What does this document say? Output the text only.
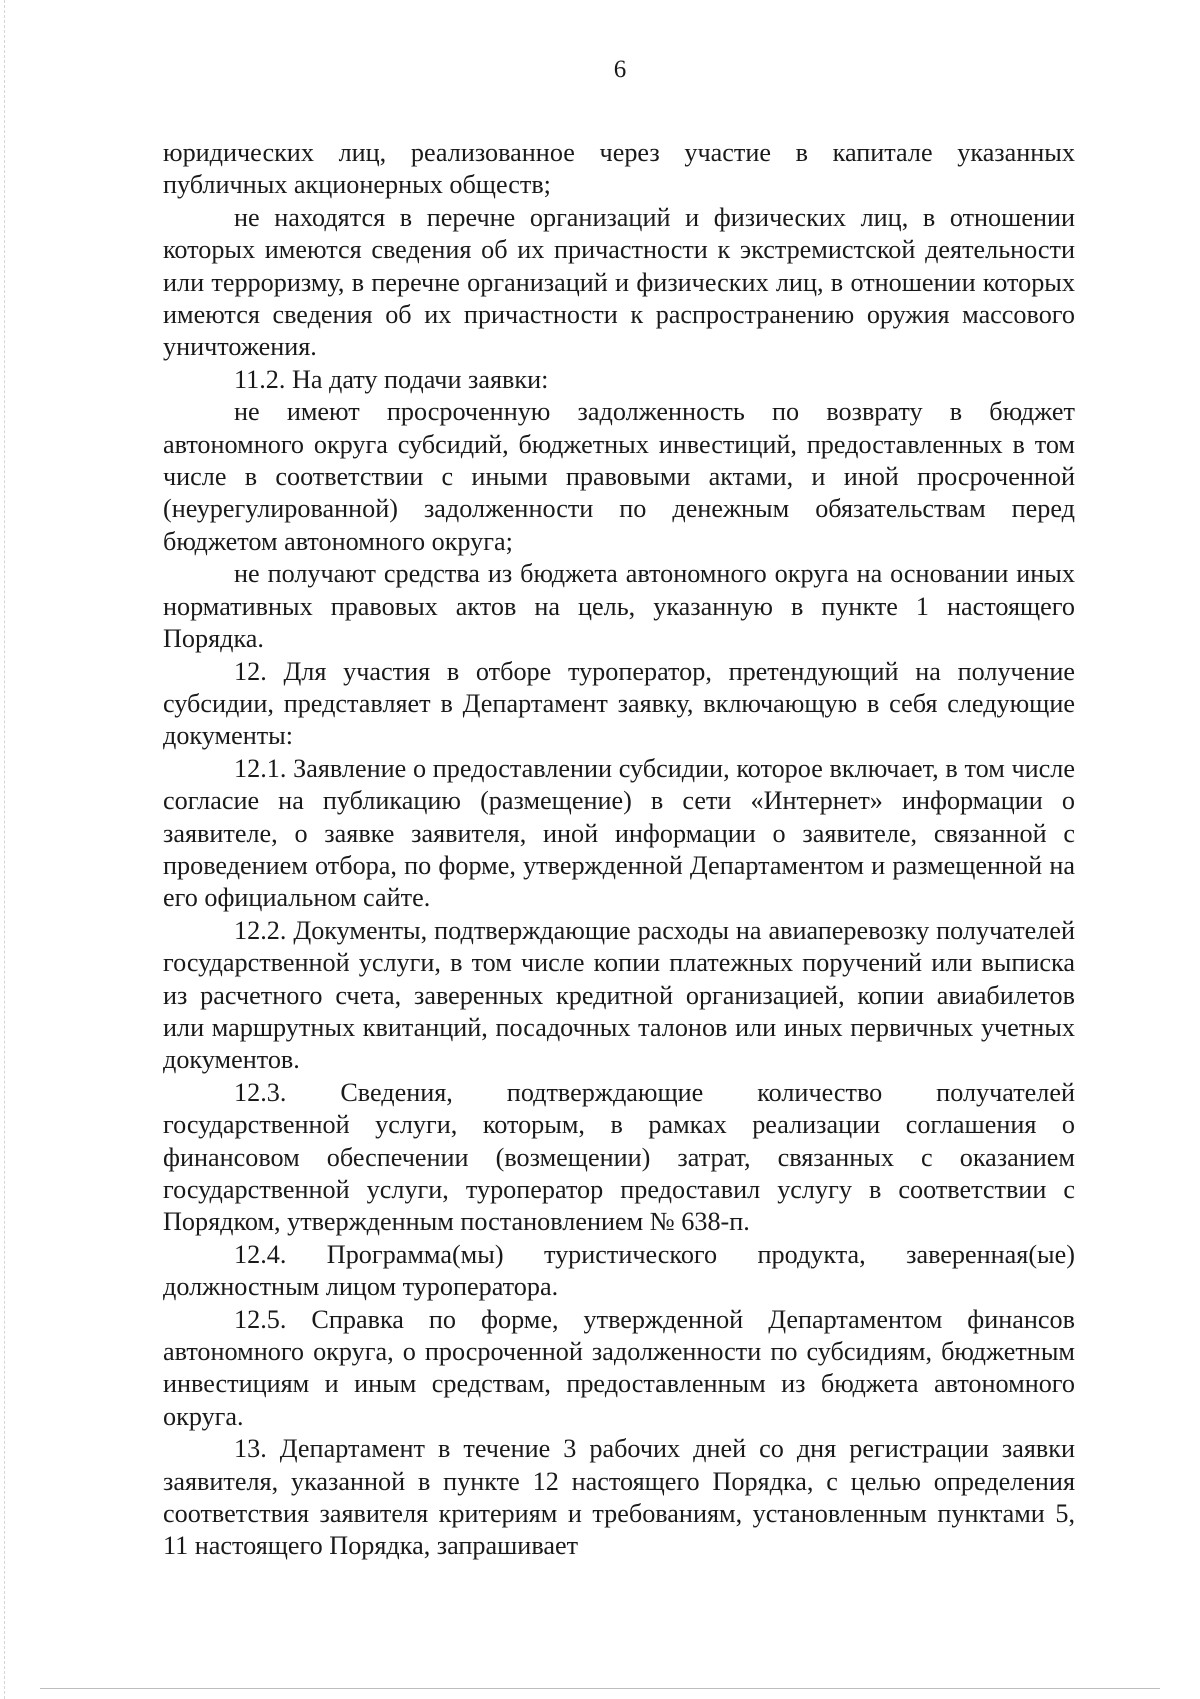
6

юридических лиц, реализованное через участие в капитале указанных публичных акционерных обществ;

не находятся в перечне организаций и физических лиц, в отношении которых имеются сведения об их причастности к экстремистской деятельности или терроризму, в перечне организаций и физических лиц, в отношении которых имеются сведения об их причастности к распространению оружия массового уничтожения.

11.2. На дату подачи заявки:

не имеют просроченную задолженность по возврату в бюджет автономного округа субсидий, бюджетных инвестиций, предоставленных в том числе в соответствии с иными правовыми актами, и иной просроченной (неурегулированной) задолженности по денежным обязательствам перед бюджетом автономного округа;

не получают средства из бюджета автономного округа на основании иных нормативных правовых актов на цель, указанную в пункте 1 настоящего Порядка.

12. Для участия в отборе туроператор, претендующий на получение субсидии, представляет в Департамент заявку, включающую в себя следующие документы:

12.1. Заявление о предоставлении субсидии, которое включает, в том числе согласие на публикацию (размещение) в сети «Интернет» информации о заявителе, о заявке заявителя, иной информации о заявителе, связанной с проведением отбора, по форме, утвержденной Департаментом и размещенной на его официальном сайте.

12.2. Документы, подтверждающие расходы на авиаперевозку получателей государственной услуги, в том числе копии платежных поручений или выписка из расчетного счета, заверенных кредитной организацией, копии авиабилетов или маршрутных квитанций, посадочных талонов или иных первичных учетных документов.

12.3. Сведения, подтверждающие количество получателей государственной услуги, которым, в рамках реализации соглашения о финансовом обеспечении (возмещении) затрат, связанных с оказанием государственной услуги, туроператор предоставил услугу в соответствии с Порядком, утвержденным постановлением № 638-п.

12.4. Программа(мы) туристического продукта, заверенная(ые) должностным лицом туроператора.

12.5. Справка по форме, утвержденной Департаментом финансов автономного округа, о просроченной задолженности по субсидиям, бюджетным инвестициям и иным средствам, предоставленным из бюджета автономного округа.

13. Департамент в течение 3 рабочих дней со дня регистрации заявки заявителя, указанной в пункте 12 настоящего Порядка, с целью определения соответствия заявителя критериям и требованиям, установленным пунктами 5, 11 настоящего Порядка, запрашивает
